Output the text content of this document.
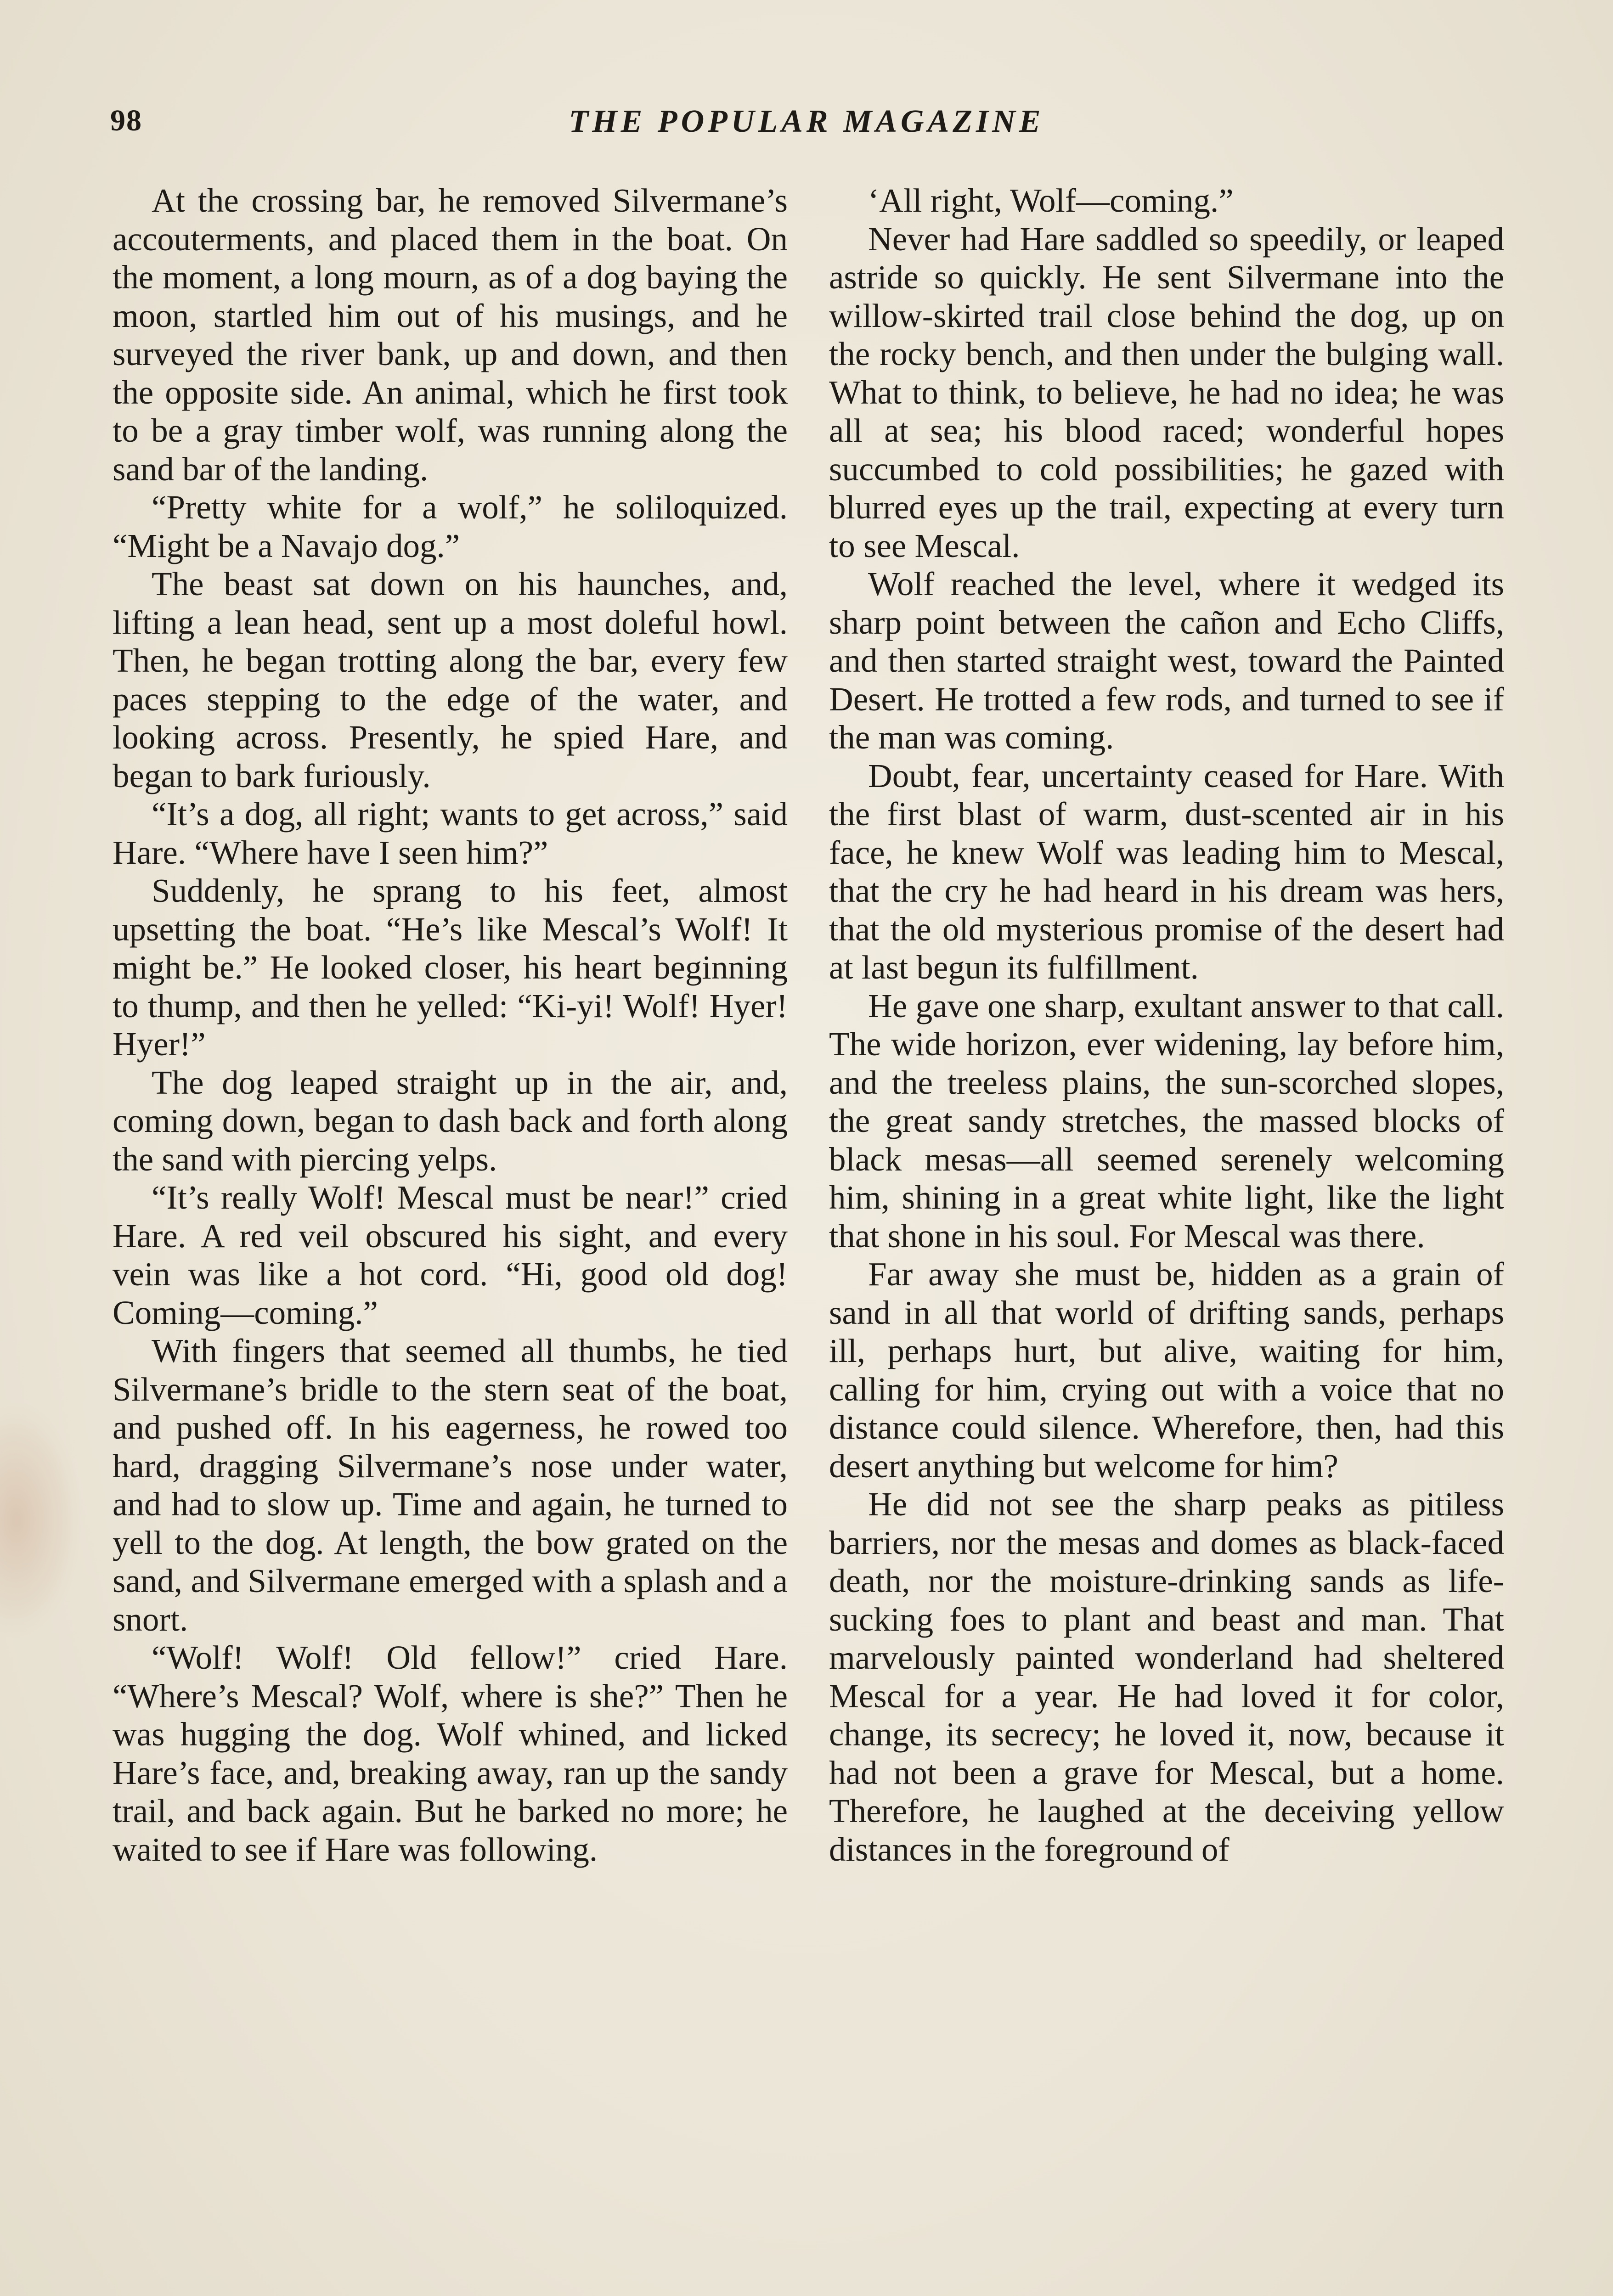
98	THE POPULAR MAGAZINE

At the crossing bar, he removed Silvermane’s accouterments, and placed them in the boat. On the moment, a long mourn, as of a dog baying the moon, startled him out of his musings, and he surveyed the river bank, up and down, and then the opposite side. An animal, which he first took to be a gray timber wolf, was running along the sand bar of the landing.

“Pretty white for a wolf,” he soliloquized. “Might be a Navajo dog.”

The beast sat down on his haunches, and, lifting a lean head, sent up a most doleful howl. Then, he began trotting along the bar, every few paces stepping to the edge of the water, and looking across. Presently, he spied Hare, and began to bark furiously.

“It’s a dog, all right; wants to get across,” said Hare. “Where have I seen him?”

Suddenly, he sprang to his feet, almost upsetting the boat. “He’s like Mescal’s Wolf! It might be.” He looked closer, his heart beginning to thump, and then he yelled: “Ki-yi! Wolf! Hyer! Hyer!”

The dog leaped straight up in the air, and, coming down, began to dash back and forth along the sand with piercing yelps.

“It’s really Wolf! Mescal must be near!” cried Hare. A red veil obscured his sight, and every vein was like a hot cord. “Hi, good old dog! Coming—coming.”

With fingers that seemed all thumbs, he tied Silvermane’s bridle to the stern seat of the boat, and pushed off. In his eagerness, he rowed too hard, dragging Silvermane’s nose under water, and had to slow up. Time and again, he turned to yell to the dog. At length, the bow grated on the sand, and Silvermane emerged with a splash and a snort.

“Wolf! Wolf! Old fellow!” cried Hare. “Where’s Mescal? Wolf, where is she?” Then he was hugging the dog. Wolf whined, and licked Hare’s face, and, breaking away, ran up the sandy trail, and back again. But he barked no more; he waited to see if Hare was following.

‘All right, Wolf—coming.”

Never had Hare saddled so speedily, or leaped astride so quickly. He sent Silvermane into the willow-skirted trail close behind the dog, up on the rocky bench, and then under the bulging wall. What to think, to believe, he had no idea; he was all at sea; his blood raced; wonderful hopes succumbed to cold possibilities; he gazed with blurred eyes up the trail, expecting at every turn to see Mescal.

Wolf reached the level, where it wedged its sharp point between the cañon and Echo Cliffs, and then started straight west, toward the Painted Desert. He trotted a few rods, and turned to see if the man was coming.

Doubt, fear, uncertainty ceased for Hare. With the first blast of warm, dust-scented air in his face, he knew Wolf was leading him to Mescal, that the cry he had heard in his dream was hers, that the old mysterious promise of the desert had at last begun its fulfillment.

He gave one sharp, exultant answer to that call. The wide horizon, ever widening, lay before him, and the treeless plains, the sun-scorched slopes, the great sandy stretches, the massed blocks of black mesas—all seemed serenely welcoming him, shining in a great white light, like the light that shone in his soul. For Mescal was there.

Far away she must be, hidden as a grain of sand in all that world of drifting sands, perhaps ill, perhaps hurt, but alive, waiting for him, calling for him, crying out with a voice that no distance could silence. Wherefore, then, had this desert anything but welcome for him?

He did not see the sharp peaks as pitiless barriers, nor the mesas and domes as black-faced death, nor the moisture-drinking sands as life-sucking foes to plant and beast and man. That marvelously painted wonderland had sheltered Mescal for a year. He had loved it for color, change, its secrecy; he loved it, now, because it had not been a grave for Mescal, but a home. Therefore, he laughed at the deceiving yellow distances in the foreground of
